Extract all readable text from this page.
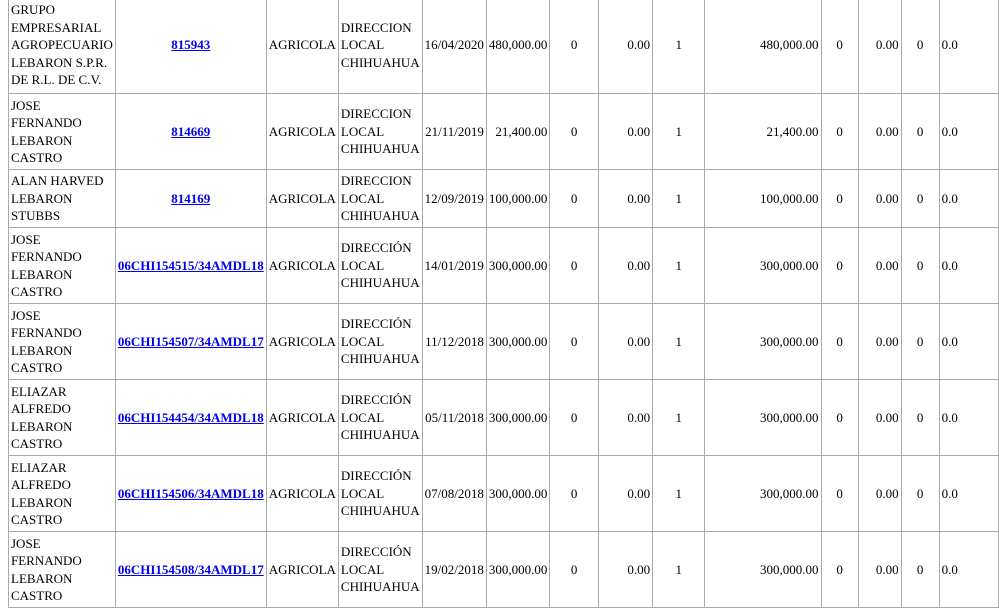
GRUPO EMPRESARIAL AGROPECUARIO LEBARON S.P.R. DE R.L. DE C.V.	815943	AGRICOLA	DIRECCION LOCAL CHIHUAHUA	16/04/2020	480,000.00	0	0.00	1	480,000.00	0	0.00	0	0.0
JOSE FERNANDO LEBARON CASTRO	814669	AGRICOLA	DIRECCION LOCAL CHIHUAHUA	21/11/2019	21,400.00	0	0.00	1	21,400.00	0	0.00	0	0.0
ALAN HARVED LEBARON STUBBS	814169	AGRICOLA	DIRECCION LOCAL CHIHUAHUA	12/09/2019	100,000.00	0	0.00	1	100,000.00	0	0.00	0	0.0
JOSE FERNANDO LEBARON CASTRO	06CHI154515/34AMDL18	AGRICOLA	DIRECCIÓN LOCAL CHIHUAHUA	14/01/2019	300,000.00	0	0.00	1	300,000.00	0	0.00	0	0.0
JOSE FERNANDO LEBARON CASTRO	06CHI154507/34AMDL17	AGRICOLA	DIRECCIÓN LOCAL CHIHUAHUA	11/12/2018	300,000.00	0	0.00	1	300,000.00	0	0.00	0	0.0
ELIAZAR ALFREDO LEBARON CASTRO	06CHI154454/34AMDL18	AGRICOLA	DIRECCIÓN LOCAL CHIHUAHUA	05/11/2018	300,000.00	0	0.00	1	300,000.00	0	0.00	0	0.0
ELIAZAR ALFREDO LEBARON CASTRO	06CHI154506/34AMDL18	AGRICOLA	DIRECCIÓN LOCAL CHIHUAHUA	07/08/2018	300,000.00	0	0.00	1	300,000.00	0	0.00	0	0.0
JOSE FERNANDO LEBARON CASTRO	06CHI154508/34AMDL17	AGRICOLA	DIRECCIÓN LOCAL CHIHUAHUA	19/02/2018	300,000.00	0	0.00	1	300,000.00	0	0.00	0	0.0
